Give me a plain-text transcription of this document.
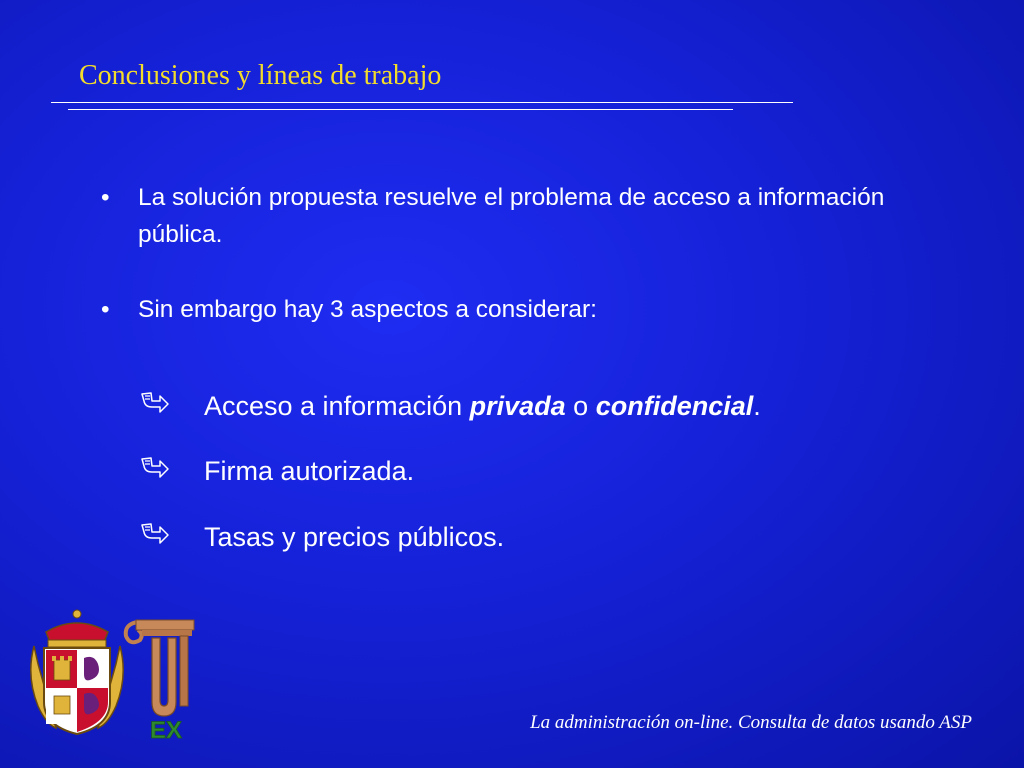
Conclusiones y líneas de trabajo
• La solución propuesta resuelve el problema de acceso a información pública.
• Sin embargo hay 3 aspectos a considerar:
Acceso a información privada o confidencial.
Firma autorizada.
Tasas y precios públicos.
EX	La administración on-line. Consulta de datos usando ASP
